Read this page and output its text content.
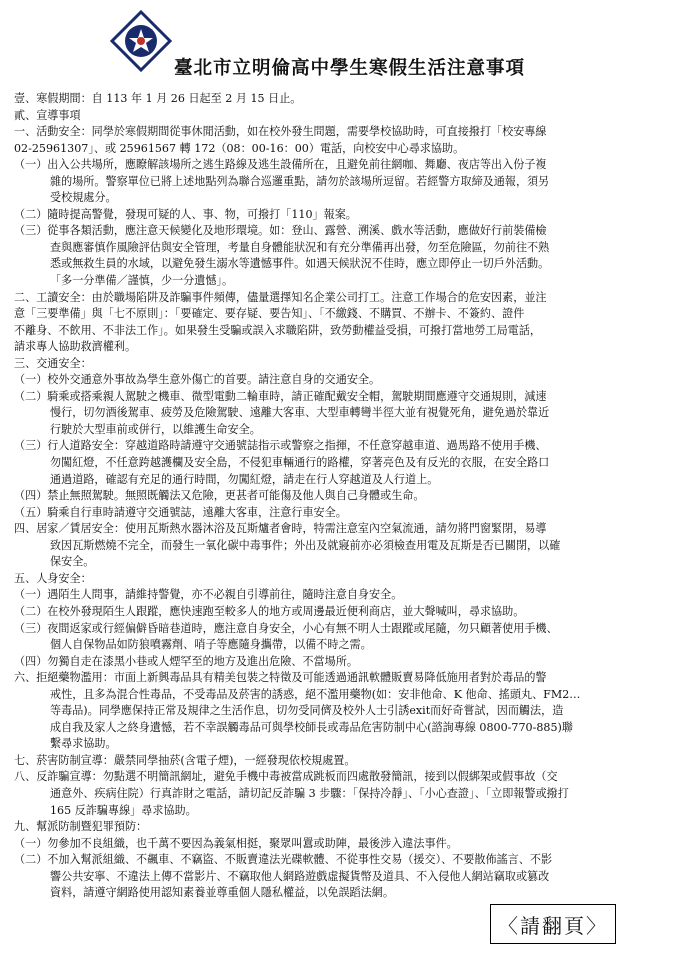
臺北市立明倫高中學生寒假生活注意事項
壹、寒假期間：自 113 年 1 月 26 日起至 2 月 15 日止。
貳、宣導事項
一、活動安全：同學於寒假期間從事休閒活動，如在校外發生問題，需要學校協助時，可直接撥打「校安專線
02-25961307」、或 25961567 轉 172（08：00-16：00）電話，向校安中心尋求協助。
（一）出入公共場所，應瞭解該場所之逃生路線及逃生設備所在，且避免前往網咖、舞廳、夜店等出入份子複
雜的場所。警察單位已將上述地點列為聯合巡邏重點，請勿於該場所逗留。若經警方取締及通報，須另
受校規處分。
（二）隨時提高警覺，發現可疑的人、事、物，可撥打「110」報案。
（三）從事各類活動，應注意天候變化及地形環境。如：登山、露營、溯溪、戲水等活動，應做好行前裝備檢
查與應審慎作風險評估與安全管理，考量自身體能狀況和有充分準備再出發，勿至危險區，勿前往不熟
悉或無救生員的水域，以避免發生溺水等遺憾事件。如遇天候狀況不佳時，應立即停止一切戶外活動。
「多一分準備／謹慎，少一分遺憾」。
二、工讀安全：由於職場陷阱及詐騙事件頻傳，儘量選擇知名企業公司打工。注意工作場合的危安因素，並注
意「三要準備」與「七不原則」：「要確定、要存疑、要告知」、「不繳錢、不購買、不辦卡、不簽約、證件
不離身、不飲用、不非法工作」。如果發生受騙或誤入求職陷阱，致勞動權益受損，可撥打當地勞工局電話，
請求專人協助救濟權利。
三、交通安全：
（一）校外交通意外事故為學生意外傷亡的首要。請注意自身的交通安全。
（二）騎乘或搭乘親人駕駛之機車、微型電動二輪車時，請正確配戴安全帽，駕駛期間應遵守交通規則，減速
慢行，切勿酒後駕車、疲勞及危險駕駛、遠離大客車、大型車轉彎半徑大並有視覺死角，避免過於靠近
行駛於大型車前或併行，以維護生命安全。
（三）行人道路安全：穿越道路時請遵守交通號誌指示或警察之指揮，不任意穿越車道、過馬路不使用手機、
勿闖紅燈，不任意跨越護欄及安全島，不侵犯車輛通行的路權，穿著亮色及有反光的衣服，在安全路口
通過道路，確認有充足的通行時間，勿闖紅燈，請走在行人穿越道及人行道上。
（四）禁止無照駕駛。無照既觸法又危險，更甚者可能傷及他人與自己身體或生命。
（五）騎乘自行車時請遵守交通號誌，遠離大客車，注意行車安全。
四、居家／賃居安全：使用瓦斯熱水器沐浴及瓦斯爐者會時，特需注意室內空氣流通，請勿將門窗緊閉，易導
致因瓦斯燃燒不完全，而發生一氧化碳中毒事件；外出及就寢前亦必須檢查用電及瓦斯是否已關閉，以確
保安全。
五、人身安全：
（一）遇陌生人問事，請維持警覺，亦不必親自引導前往，隨時注意自身安全。
（二）在校外發現陌生人跟蹤，應快速跑至較多人的地方或周邊最近便利商店，並大聲喊叫，尋求協助。
（三）夜間返家或行經偏僻昏暗巷道時，應注意自身安全，小心有無不明人士跟蹤或尾隨，勿只顧著使用手機、
個人自保物品如防狼噴霧劑、哨子等應隨身攜帶，以備不時之需。
（四）勿獨自走在漆黑小巷或人煙罕至的地方及進出危險、不當場所。
六、拒絕藥物濫用：市面上新興毒品具有精美包裝之特徵及可能透過通訊軟體販賣易降低施用者對於毒品的警
戒性，且多為混合性毒品，不受毒品及菸害的誘惑，絕不濫用藥物(如：安非他命、K 他命、搖頭丸、FM2…
等毒品)。同學應保持正常及規律之生活作息，切勿受同儕及校外人士引誘exit而好奇嘗試，因而觸法，造
成自我及家人之終身遺憾，若不幸誤觸毒品可與學校師長或毒品危害防制中心(諮詢專線 0800-770-885)聯
繫尋求協助。
七、菸害防制宣導：嚴禁同學抽菸(含電子煙)，一經發現依校規處置。
八、反詐騙宣導：勿點選不明簡訊網址，避免手機中毒被當成跳板而四處散發簡訊，接到以假綁架或假事故（交
通意外、疾病住院）行真詐財之電話，請切記反詐騙 3 步驟：「保持冷靜」、「小心查證」、「立即報警或撥打
165 反詐騙專線」尋求協助。
九、幫派防制暨犯罪預防：
（一）勿參加不良組織，也千萬不要因為義氣相挺，聚眾叫囂或助陣，最後涉入違法事件。
（二）不加入幫派組織、不飆車、不竊盜、不販賣違法光碟軟體、不從事性交易（援交）、不要散佈謠言、不影
響公共安寧、不違法上傳不當影片、不竊取他人網路遊戲虛擬貨幣及道具、不入侵他人網站竊取或篡改
資料，請遵守網路使用認知素養並尊重個人隱私權益，以免誤蹈法網。
〈請翻頁〉
